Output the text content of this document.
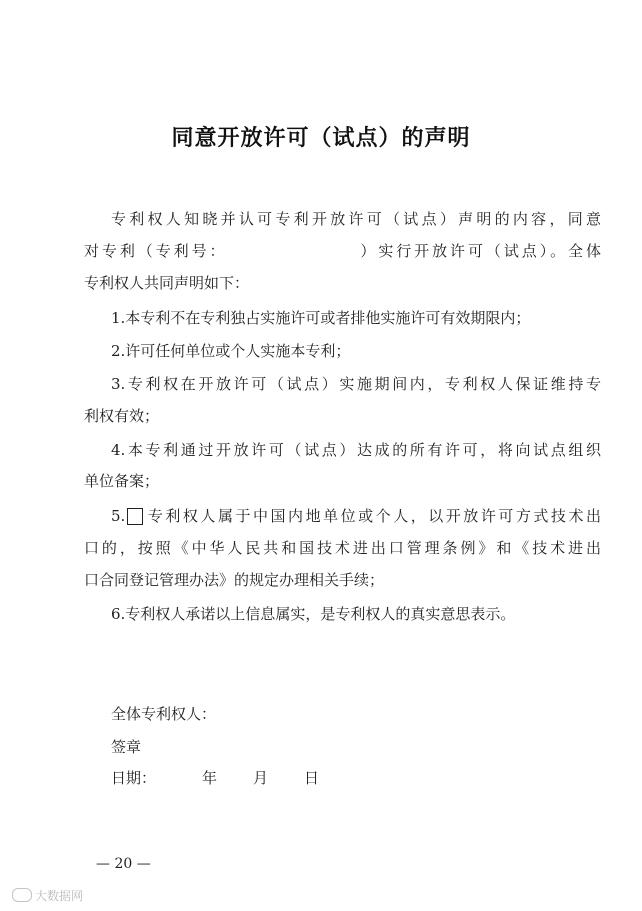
同意开放许可（试点）的声明
专利权人知晓并认可专利开放许可（试点）声明的内容，同意
对专利（专利号：	）实行开放许可（试点）。全体
专利权人共同声明如下：
1.本专利不在专利独占实施许可或者排他实施许可有效期限内；
2.许可任何单位或个人实施本专利；
3.专利权在开放许可（试点）实施期间内，专利权人保证维持专
利权有效；
4.本专利通过开放许可（试点）达成的所有许可，将向试点组织
单位备案；
5. 专利权人属于中国内地单位或个人，以开放许可方式技术出
口的，按照《中华人民共和国技术进出口管理条例》和《技术进出
口合同登记管理办法》的规定办理相关手续；
6.专利权人承诺以上信息属实，是专利权人的真实意思表示。
全体专利权人：
签章
日期：	年 月 日
— 20 —
大数据网
